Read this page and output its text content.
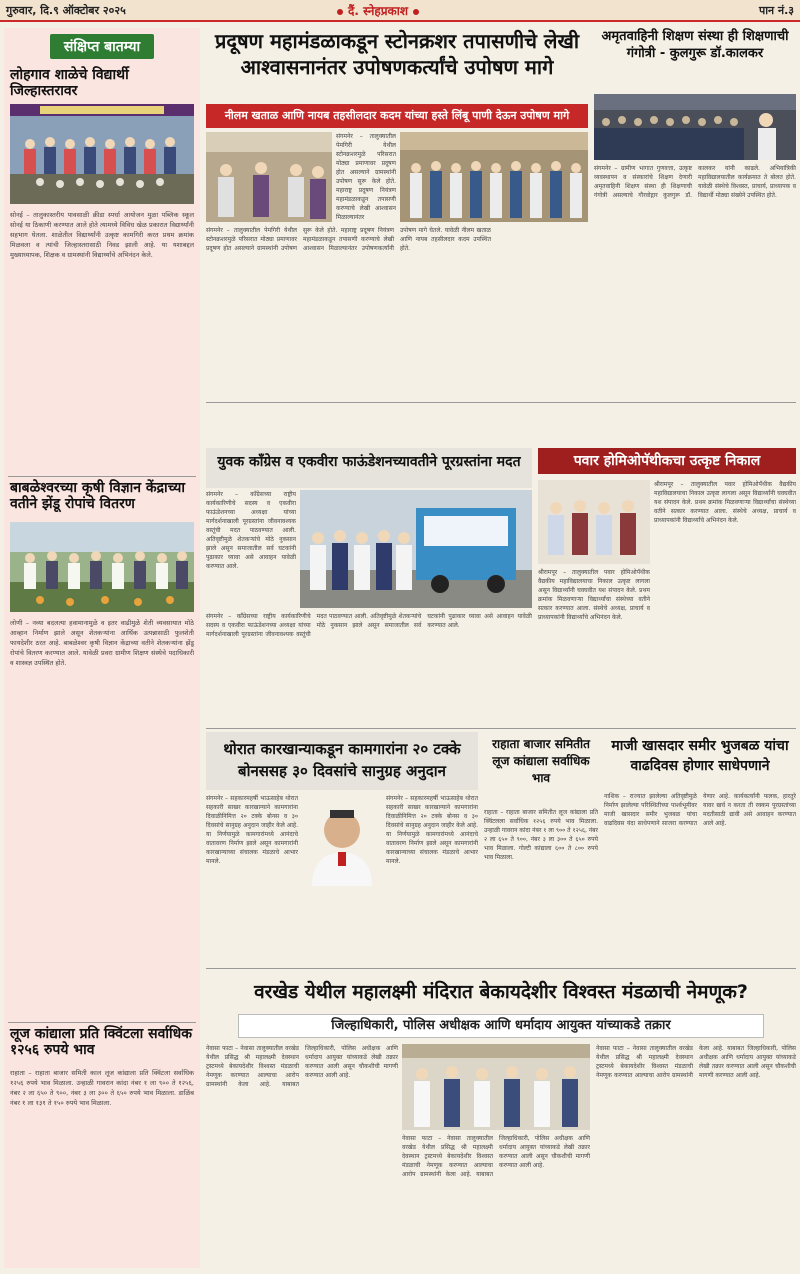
गुरुवार, दि.९ ऑक्टोबर २०२५	दैं. स्नेहप्रकाश	पान नं.३
संक्षिप्त बातम्या
लोहगाव शाळेचे विद्यार्थी जिल्हास्तरावर
सोनई – तालुकास्तरीय पावसाळी क्रीडा स्पर्धा आयोजन मुळा पब्लिक स्कूल सोनई या ठिकाणी करण्यात आले होते त्यामध्ये विविध खेळ प्रकारात विद्यार्थ्यांनी सहभाग घेतला. शाळेतील विद्यार्थ्यांनी उत्कृष्ट कामगिरी करत प्रथम क्रमांक मिळवला व त्यांची जिल्हास्तरासाठी निवड झाली आहे. या यशाबद्दल मुख्याध्यापक, शिक्षक व ग्रामस्थांनी विद्यार्थ्यांचे अभिनंदन केले.
बाबळेश्वरच्या कृषी विज्ञान केंद्राच्या वतीने झेंडू रोपांचे वितरण
लोणी – नव्या बदलत्या हवामानामुळे व इतर वाढीमुळे शेती व्यवसायात मोठे आव्हान निर्माण झाले असून शेतकऱ्यांना आर्थिक उत्पन्नासाठी फुलशेती फायदेशीर ठरत आहे. बाबळेश्वर कृषी विज्ञान केंद्राच्या वतीने शेतकऱ्यांना झेंडू रोपांचे वितरण करण्यात आले. यावेळी प्रवरा ग्रामीण शिक्षण संस्थेचे पदाधिकारी व शास्त्रज्ञ उपस्थित होते.
लूज कांद्याला प्रति क्विंटला सर्वाधिक १२५६ रुपये भाव
राहाता – राहाता बाजार समिती काल लूज कांद्याला प्रति क्विंटला सर्वाधिक १२५६ रुपये भाव मिळाला. उन्हाळी गावरान कांदा नंबर १ ला ९०० ते १२५६, नंबर २ ला ६५० ते ९००, नंबर ३ ला ३०० ते ६५० रुपये भाव मिळाला. डाळिंब नंबर १ ला १३१ ते १५० रुपये भाव मिळाला.
प्रदूषण महामंडळाकडून स्टोनक्रशर तपासणीचे लेखी आश्वासनानंतर उपोषणकर्त्यांचे उपोषण मागे
नीलम खताळ आणि नायब तहसीलदार कदम यांच्या हस्ते लिंबू पाणी देऊन उपोषण मागे
संगमनेर – तालुक्यातील पेमगिरी येथील स्टोनक्रशरमुळे परिसरात मोठ्या प्रमाणावर प्रदूषण होत असल्याने ग्रामस्थांनी उपोषण सुरू केले होते. महाराष्ट्र प्रदूषण नियंत्रण महामंडळाकडून तपासणी करण्याचे लेखी आश्वासन मिळाल्यानंतर
संगमनेर – तालुक्यातील पेमगिरी येथील स्टोनक्रशरमुळे परिसरात मोठ्या प्रमाणावर प्रदूषण होत असल्याने ग्रामस्थांनी उपोषण सुरू केले होते. महाराष्ट्र प्रदूषण नियंत्रण महामंडळाकडून तपासणी करण्याचे लेखी आश्वासन मिळाल्यानंतर उपोषणकर्त्यांनी उपोषण मागे घेतले. यावेळी नीलम खताळ आणि नायब तहसीलदार कदम उपस्थित होते.
अमृतवाहिनी शिक्षण संस्था ही शिक्षणाची गंगोत्री - कुलगुरू डॉ.कालकर
संगमनेर – ग्रामीण भागात गुणवत्ता, उत्कृष्ट व्यवस्थापन व संस्कारांचे शिक्षण देणारी अमृतवाहिनी शिक्षण संस्था ही शिक्षणाची गंगोत्री असल्याचे गौरवोद्गार कुलगुरू डॉ. कालकर यांनी काढले. अभियांत्रिकी महाविद्यालयातील कार्यक्रमात ते बोलत होते. यावेळी संस्थेचे विश्वस्त, प्राचार्य, प्राध्यापक व विद्यार्थी मोठ्या संख्येने उपस्थित होते.
युवक काँग्रेस व एकवीरा फाऊंडेशनच्यावतीने पूरग्रस्तांना मदत
संगमनेर – काँग्रेसच्या राष्ट्रीय कार्यकारिणीचे सदस्य व एकवीरा फाऊंडेशनच्या अध्यक्षा यांच्या मार्गदर्शनाखाली पूरग्रस्तांना जीवनावश्यक वस्तूंची मदत पाठवण्यात आली. अतिवृष्टीमुळे शेतकऱ्यांचे मोठे नुकसान झाले असून समाजातील सर्व घटकांनी पुढाकार घ्यावा असे आवाहन यावेळी करण्यात आले.
संगमनेर – काँग्रेसच्या राष्ट्रीय कार्यकारिणीचे सदस्य व एकवीरा फाऊंडेशनच्या अध्यक्षा यांच्या मार्गदर्शनाखाली पूरग्रस्तांना जीवनावश्यक वस्तूंची मदत पाठवण्यात आली. अतिवृष्टीमुळे शेतकऱ्यांचे मोठे नुकसान झाले असून समाजातील सर्व घटकांनी पुढाकार घ्यावा असे आवाहन यावेळी करण्यात आले.
पवार होमिओपॅथीकचा उत्कृष्ट निकाल
श्रीरामपूर – तालुक्यातील पवार होमिओपॅथीक वैद्यकीय महाविद्यालयाचा निकाल उत्कृष्ट लागला असून विद्यार्थ्यांनी घवघवीत यश संपादन केले. प्रथम क्रमांक मिळवणाऱ्या विद्यार्थ्यांचा संस्थेच्या वतीने सत्कार करण्यात आला. संस्थेचे अध्यक्ष, प्राचार्य व प्राध्यापकांनी विद्यार्थ्यांचे अभिनंदन केले.
श्रीरामपूर – तालुक्यातील पवार होमिओपॅथीक वैद्यकीय महाविद्यालयाचा निकाल उत्कृष्ट लागला असून विद्यार्थ्यांनी घवघवीत यश संपादन केले. प्रथम क्रमांक मिळवणाऱ्या विद्यार्थ्यांचा संस्थेच्या वतीने सत्कार करण्यात आला. संस्थेचे अध्यक्ष, प्राचार्य व प्राध्यापकांनी विद्यार्थ्यांचे अभिनंदन केले.
थोरात कारखान्याकडून कामगारांना २० टक्के बोनससह ३० दिवसांचे सानुग्रह अनुदान
संगमनेर – सहकारमहर्षी भाऊसाहेब थोरात सहकारी साखर कारखान्याने कामगारांना दिवाळीनिमित्त २० टक्के बोनस व ३० दिवसांचे सानुग्रह अनुदान जाहीर केले आहे. या निर्णयामुळे कामगारांमध्ये आनंदाचे वातावरण निर्माण झाले असून कामगारांनी कारखान्याच्या संचालक मंडळाचे आभार मानले.
संगमनेर – सहकारमहर्षी भाऊसाहेब थोरात सहकारी साखर कारखान्याने कामगारांना दिवाळीनिमित्त २० टक्के बोनस व ३० दिवसांचे सानुग्रह अनुदान जाहीर केले आहे. या निर्णयामुळे कामगारांमध्ये आनंदाचे वातावरण निर्माण झाले असून कामगारांनी कारखान्याच्या संचालक मंडळाचे आभार मानले.
राहाता बाजार समितीत लूज कांद्याला सर्वाधिक भाव
राहाता – राहाता बाजार समितीत लूज कांद्याला प्रति क्विंटलला सर्वाधिक १२५६ रुपये भाव मिळाला. उन्हाळी गावरान कांदा नंबर १ ला ९०० ते १२५६, नंबर २ ला ६५० ते ९००, नंबर ३ ला ३०० ते ६५० रुपये भाव मिळाला. गोल्टी कांद्याला ६०० ते ८०० रुपये भाव मिळाला.
माजी खासदार समीर भुजबळ यांचा वाढदिवस होणार साधेपणाने
नाशिक – राज्यात झालेल्या अतिवृष्टीमुळे निर्माण झालेल्या परिस्थितीच्या पार्श्वभूमीवर माजी खासदार समीर भुजबळ यांचा वाढदिवस यंदा साधेपणाने साजरा करण्यात येणार आहे. कार्यकर्त्यांनी फलक, हारतुरे यावर खर्च न करता ती रक्कम पूरग्रस्तांच्या मदतीसाठी द्यावी असे आवाहन करण्यात आले आहे.
वरखेड येथील महालक्ष्मी मंदिरात बेकायदेशीर विश्वस्त मंडळाची नेमणूक?
जिल्हाधिकारी, पोलिस अधीक्षक आणि धर्मादाय आयुक्त यांच्याकडे तक्रार
नेवासा फाटा – नेवासा तालुक्यातील वरखेड येथील प्रसिद्ध श्री महालक्ष्मी देवस्थान ट्रस्टमध्ये बेकायदेशीर विश्वस्त मंडळाची नेमणूक करण्यात आल्याचा आरोप ग्रामस्थांनी केला आहे. याबाबत जिल्हाधिकारी, पोलिस अधीक्षक आणि धर्मादाय आयुक्त यांच्याकडे लेखी तक्रार करण्यात आली असून चौकशीची मागणी करण्यात आली आहे.
नेवासा फाटा – नेवासा तालुक्यातील वरखेड येथील प्रसिद्ध श्री महालक्ष्मी देवस्थान ट्रस्टमध्ये बेकायदेशीर विश्वस्त मंडळाची नेमणूक करण्यात आल्याचा आरोप ग्रामस्थांनी केला आहे. याबाबत जिल्हाधिकारी, पोलिस अधीक्षक आणि धर्मादाय आयुक्त यांच्याकडे लेखी तक्रार करण्यात आली असून चौकशीची मागणी करण्यात आली आहे.
नेवासा फाटा – नेवासा तालुक्यातील वरखेड येथील प्रसिद्ध श्री महालक्ष्मी देवस्थान ट्रस्टमध्ये बेकायदेशीर विश्वस्त मंडळाची नेमणूक करण्यात आल्याचा आरोप ग्रामस्थांनी केला आहे. याबाबत जिल्हाधिकारी, पोलिस अधीक्षक आणि धर्मादाय आयुक्त यांच्याकडे लेखी तक्रार करण्यात आली असून चौकशीची मागणी करण्यात आली आहे.
